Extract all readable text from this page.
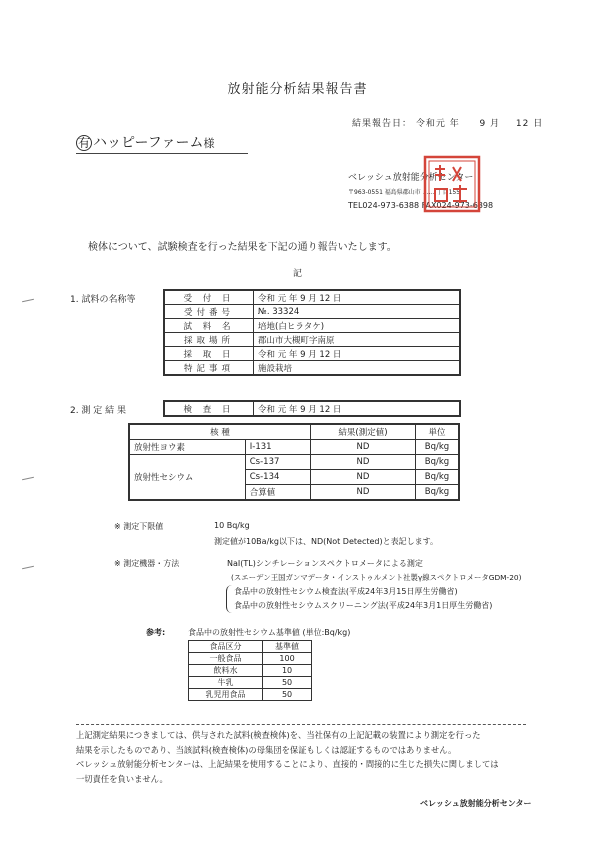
放射能分析結果報告書
結果報告日： 令和元 年 9 月 12 日
有 ハッピーファーム様
ベレッシュ放射能分析センター
〒963-0551 福島県郡山市 …… 丁目155
TEL024-973-6388 FAX024-973-6398
検体について、試験検査を行った結果を下記の通り報告いたします。
記
1. 試料の名称等	受 付 日	令和 元 年 9 月 12 日
受付番号	№. 33324
試 料 名	培地(白ヒラタケ)
採取場所	郡山市大槻町字南原
採 取 日	令和 元 年 9 月 12 日
特記事項	施設栽培
2. 測 定 結 果	検 査 日	令和 元 年 9 月 12 日
核 種		結果(測定値)	単位
放射性ヨウ素	I-131	ND	Bq/kg
放射性セシウム	Cs-137	ND	Bq/kg
	Cs-134	ND	Bq/kg
	合算値	ND	Bq/kg
※ 測定下限値	10 Bq/kg
測定値が10Ba/kg以下は、ND(Not Detected)と表記します。
※ 測定機器・方法	NaI(TL)シンチレーションスペクトロメータによる測定
(スエーデン王国ガンマデータ・インストゥルメント社製γ線スペクトロメータGDM-20)
食品中の放射性セシウム検査法(平成24年3月15日厚生労働省)
食品中の放射性セシウムスクリーニング法(平成24年3月1日厚生労働省)
参考:	食品中の放射性セシウム基準値 (単位:Bq/kg)
食品区分	基準値
一般食品	100
飲料水	10
牛乳	50
乳児用食品	50
上記測定結果につきましては、供与された試料(検査検体)を、当社保有の上記記載の装置により測定を行った
結果を示したものであり、当該試料(検査検体)の母集団を保証もしくは認証するものではありません。
ベレッシュ放射能分析センターは、上記結果を使用することにより、直接的・間接的に生じた損失に関しましては
一切責任を負いません。
ベレッシュ放射能分析センター
